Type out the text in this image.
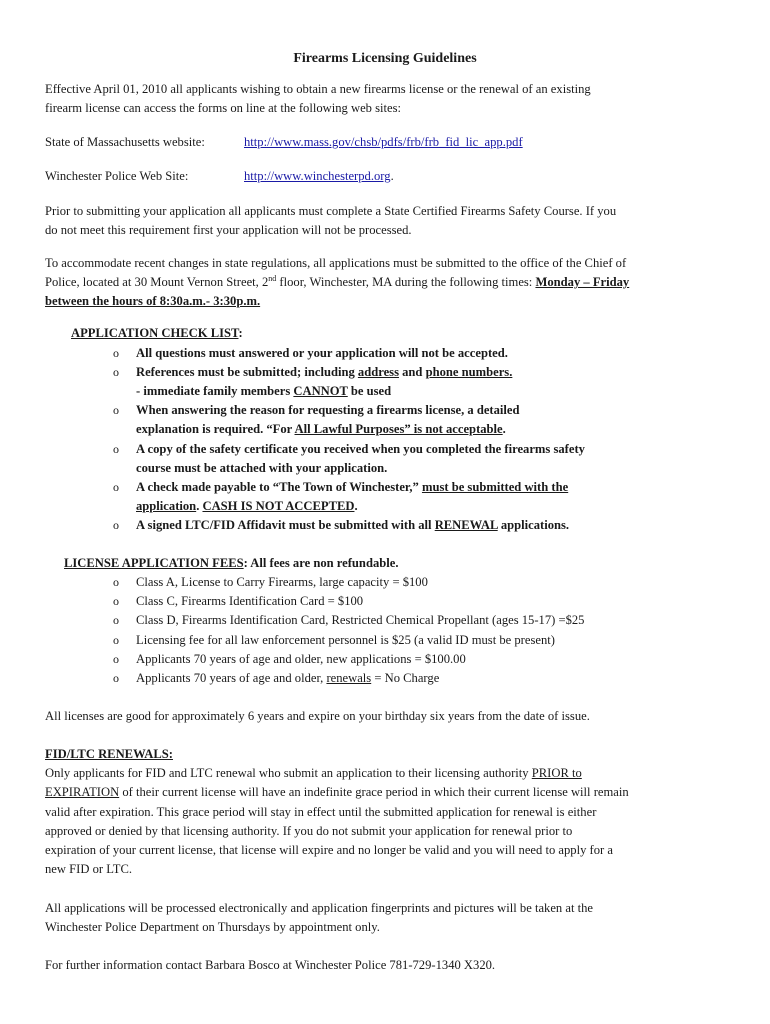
Firearms Licensing Guidelines
Effective April 01, 2010 all applicants wishing to obtain a new firearms license or the renewal of an existing
firearm license can access the forms on line at the following web sites:
State of Massachusetts website:	http://www.mass.gov/chsb/pdfs/frb/frb_fid_lic_app.pdf
Winchester Police Web Site:	http://www.winchesterpd.org.
Prior to submitting your application all applicants must complete a State Certified Firearms Safety Course. If you
do not meet this requirement first your application will not be processed.
To accommodate recent changes in state regulations, all applications must be submitted to the office of the Chief of
Police, located at 30 Mount Vernon Street, 2nd floor, Winchester, MA during the following times: Monday – Friday
between the hours of 8:30a.m.- 3:30p.m.
APPLICATION CHECK LIST:
o All questions must answered or your application will not be accepted.
o References must be submitted; including address and phone numbers.
- immediate family members CANNOT be used
o When answering the reason for requesting a firearms license, a detailed
explanation is required. “For All Lawful Purposes” is not acceptable.
o A copy of the safety certificate you received when you completed the firearms safety
course must be attached with your application.
o A check made payable to “The Town of Winchester,” must be submitted with the
application. CASH IS NOT ACCEPTED.
o A signed LTC/FID Affidavit must be submitted with all RENEWAL applications.
LICENSE APPLICATION FEES: All fees are non refundable.
o Class A, License to Carry Firearms, large capacity = $100
o Class C, Firearms Identification Card = $100
o Class D, Firearms Identification Card, Restricted Chemical Propellant (ages 15-17) =$25
o Licensing fee for all law enforcement personnel is $25 (a valid ID must be present)
o Applicants 70 years of age and older, new applications = $100.00
o Applicants 70 years of age and older, renewals = No Charge
All licenses are good for approximately 6 years and expire on your birthday six years from the date of issue.
FID/LTC RENEWALS:
Only applicants for FID and LTC renewal who submit an application to their licensing authority PRIOR to
EXPIRATION of their current license will have an indefinite grace period in which their current license will remain
valid after expiration. This grace period will stay in effect until the submitted application for renewal is either
approved or denied by that licensing authority. If you do not submit your application for renewal prior to
expiration of your current license, that license will expire and no longer be valid and you will need to apply for a
new FID or LTC.
All applications will be processed electronically and application fingerprints and pictures will be taken at the
Winchester Police Department on Thursdays by appointment only.
For further information contact Barbara Bosco at Winchester Police 781-729-1340 X320.
